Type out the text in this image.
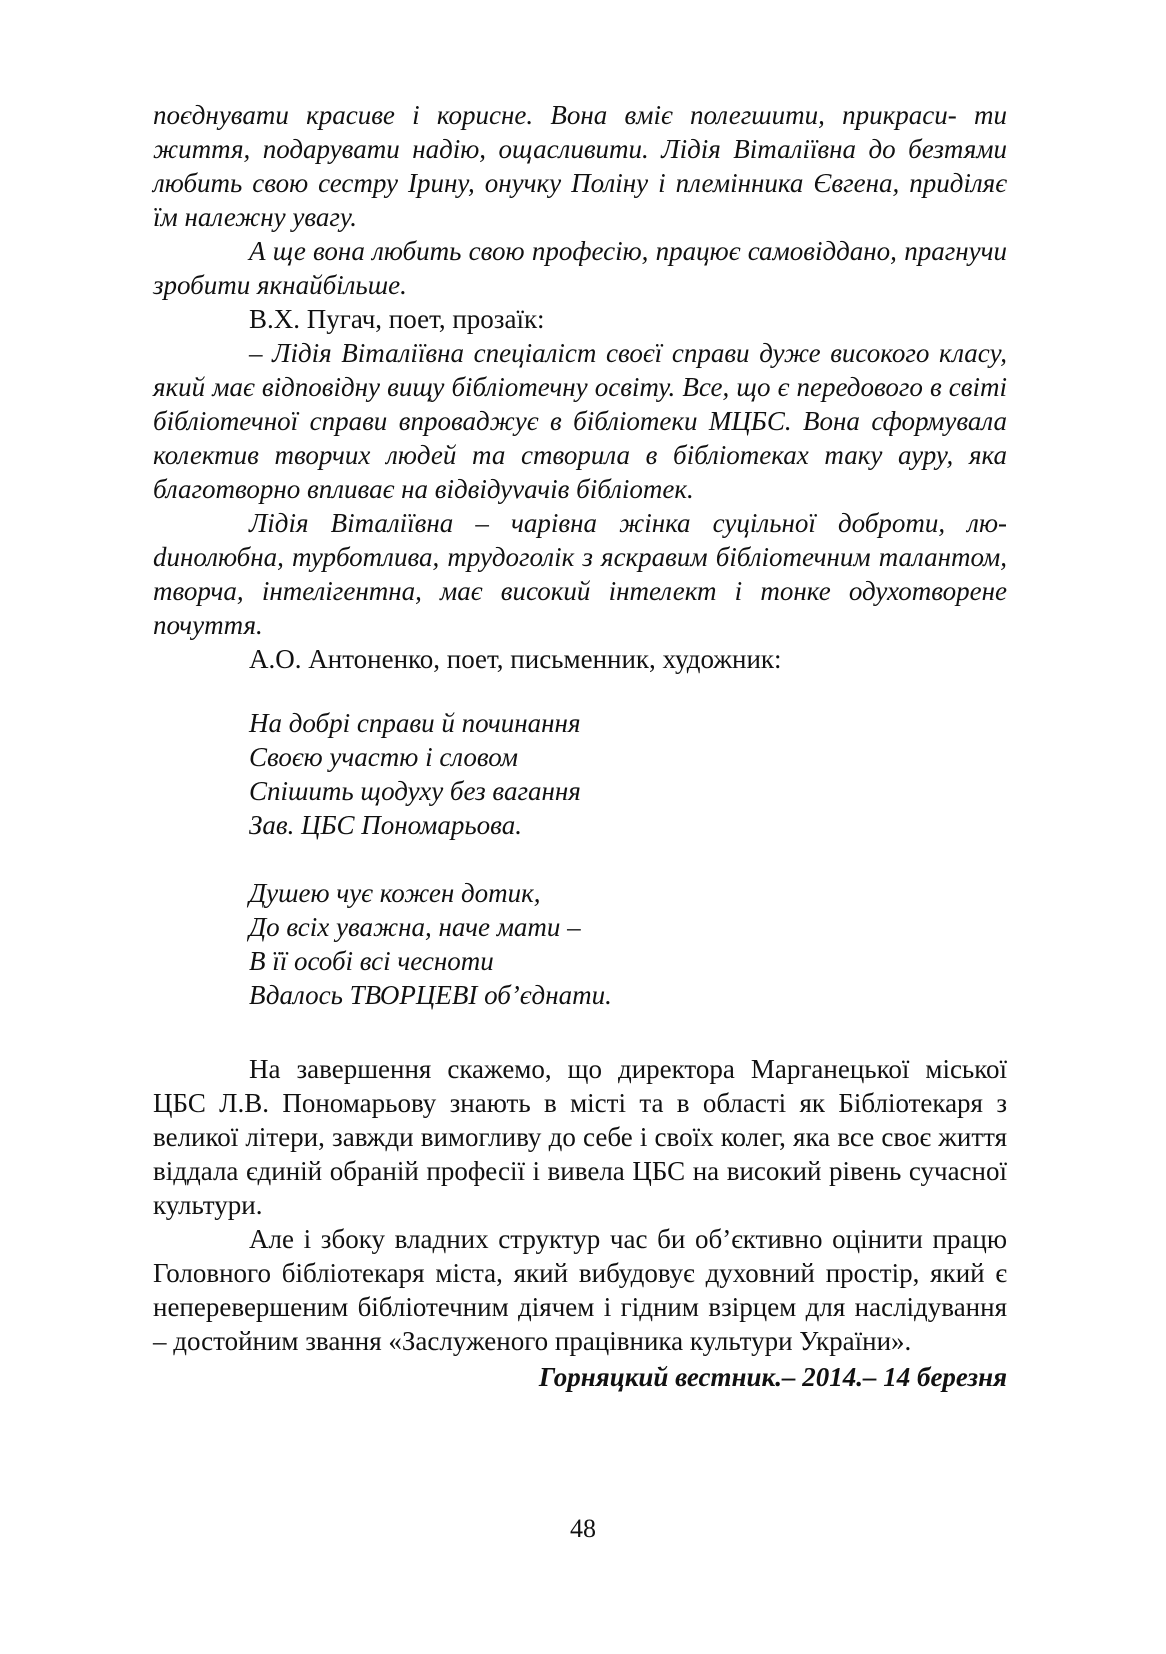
поєднувати красиве і корисне. Вона вміє полегшити, прикраси- ти життя, подарувати надію, ощасливити. Лідія Віталіївна до безтями любить свою сестру Ірину, онучку Поліну і племінника Євгена, приділяє їм належну увагу.

А ще вона любить свою професію, працює самовіддано, прагнучи зробити якнайбільше.

В.Х. Пугач, поет, прозаїк:

– Лідія Віталіївна спеціаліст своєї справи дуже високого класу, який має відповідну вищу бібліотечну освіту. Все, що є передового в світі бібліотечної справи впроваджує в бібліотеки МЦБС. Вона сформувала колектив творчих людей та створила в бібліотеках таку ауру, яка благотворно впливає на відвідуvачів бібліотек.

Лідія Віталіївна – чарівна жінка суцільної доброти, люdинолюбна, турботлива, трудоголік з яскравим бібліотечним талантом, творча, інтелігентна, має високий інтелект і тонке одухотворене почуття.

А.О. Антоненко, поет, письменник, художник:

На добрі справи й починання

Своєю участю і словом

Спішить щодуху без вагання

Зав. ЦБС Пономарьова.

Душею чує кожен дотик,

До всіх уважна, наче мати –

В її особі всі чесноти

Вдалось ТВОРЦЕВІ об’єднати.

На завершення скажемо, що директора Марганецької міської ЦБС Л.В. Пономарьову знають в місті та в області як Бібліотекаря з великої літери, завжди вимогливу до себе і своїх колег, яка все своє життя віддала єдиній обраній професії і вивела ЦБС на високий рівень сучасної культури.

Але і збоку владних структур час би об’єктивно оцінити працю Головного бібліотекаря міста, який вибудовує духовний простір, який є неперевершеним бібліотечним діячем і гідним взірцем для наслідування – достойним звання «Заслуженого працівника культури України».

Горняцкий вестник.– 2014.– 14 березня

48
